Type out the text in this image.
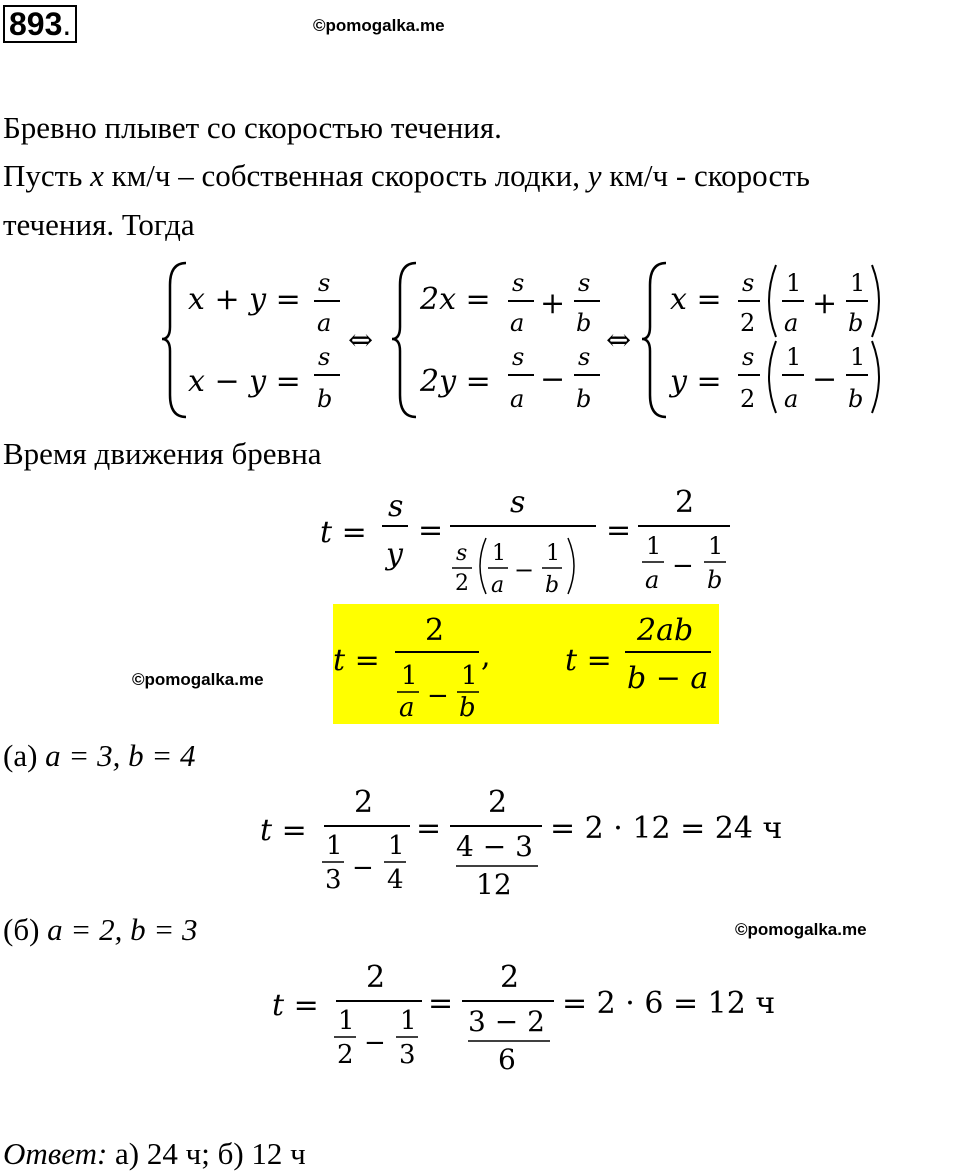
893.	©pomogalka.me
Бревно плывет со скоростью течения.
Пусть x км/ч – собственная скорость лодки, y км/ч - скорость
течения. Тогда
x + y = s
a
x − y =
s
b
⇔
2x = s
a
+
s
b
2y =
s
a
−
s
b
⇔
x = s
2
1
a
+
1
b
y =
s
2
1
a
−
1
b
Время движения бревна
t =
s
y
=
s
s
2
1
a
−
1
b
=
2
1
a −
1
b
©pomogalka.me
t =
2
1
a −
1
b
, t =
2ab
b − a
(а) a = 3, b = 4
t =
2
1
3 −
1
4
=
2
4 − 3
12
= 2 · 12 = 24 ч
(б) a = 2, b = 3	©pomogalka.me
t =
2
1
2 −
1
3
=
2
3 − 2
6
= 2 · 6 = 12 ч
Ответ: а) 24 ч; б) 12 ч
